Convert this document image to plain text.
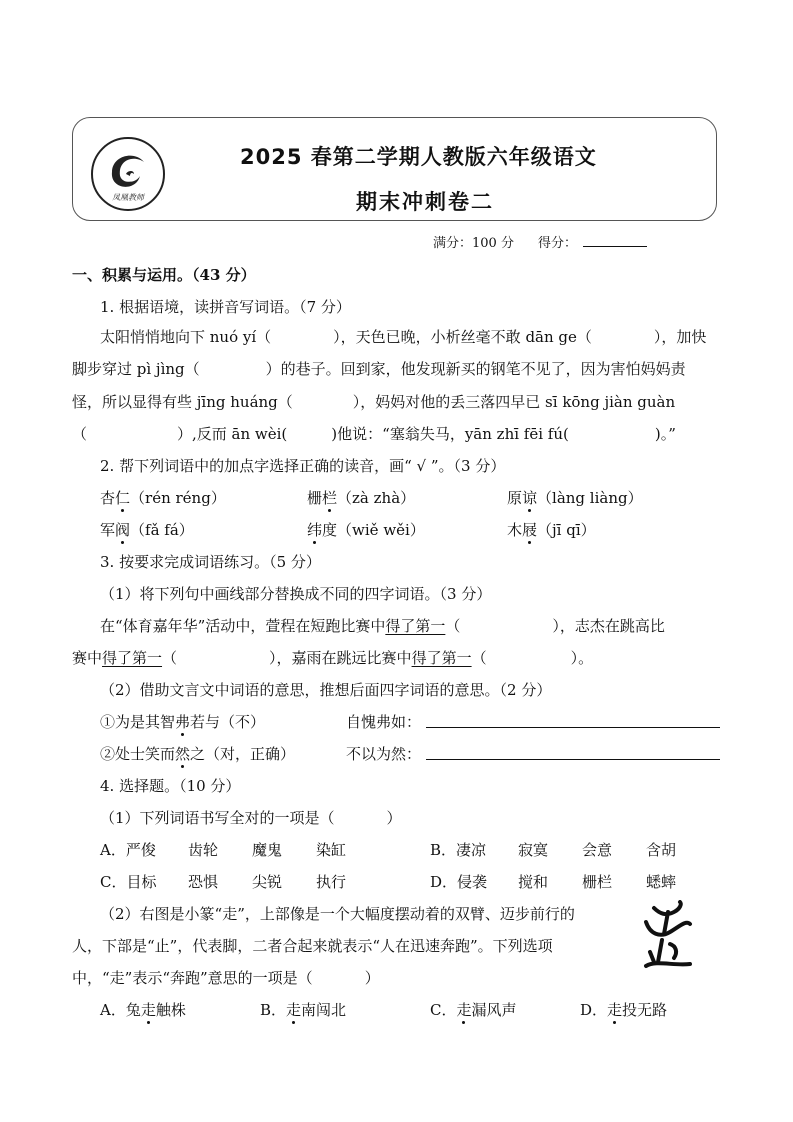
凤凰教师
2025 春第二学期人教版六年级语文
期末冲刺卷二
满分：100 分 得分：
一、积累与运用。（43 分）
1. 根据语境，读拼音写词语。（7 分）
太阳悄悄地向下 nuó yí（	），天色已晚，小析丝毫不敢 dān ge（	），加快
脚步穿过 pì jìng（	）的巷子。回到家，他发现新买的钢笔不见了，因为害怕妈妈责
怪，所以显得有些 jīng huáng（	），妈妈对他的丢三落四早已 sī kōng jiàn guàn
（	）,反而 ān wèi(	)他说：“塞翁失马，yān zhī fēi fú(	)。”
2. 帮下列词语中的加点字选择正确的读音，画“ √ ”。（3 分）
杏仁（rén réng）	栅栏（zà zhà）	原谅（làng liàng）
军阀（fǎ fá）	纬度（wiě wěi）	木屐（jī qī）
3. 按要求完成词语练习。（5 分）
（1）将下列句中画线部分替换成不同的四字词语。（3 分）
在“体育嘉年华”活动中，萱程在短跑比赛中得了第一（	），志杰在跳高比
赛中得了第一（	），嘉雨在跳远比赛中得了第一（	）。
（2）借助文言文中词语的意思，推想后面四字词语的意思。（2 分）
①为是其智弗若与（不）	自愧弗如：
②处士笑而然之（对，正确）	不以为然：
4. 选择题。（10 分）
（1）下列词语书写全对的一项是（	）
A．严俊 齿轮 魔鬼 染缸	B．凄凉 寂寞 会意 含胡
C．目标 恐惧 尖锐 执行	D．侵袭 搅和 栅栏 蟋蟀
（2）右图是小篆“走”，上部像是一个大幅度摆动着的双臂、迈步前行的
人，下部是“止”，代表脚，二者合起来就表示“人在迅速奔跑”。下列选项
中，“走”表示“奔跑”意思的一项是（	）
A．兔走触株	B．走南闯北	C．走漏风声	D．走投无路
